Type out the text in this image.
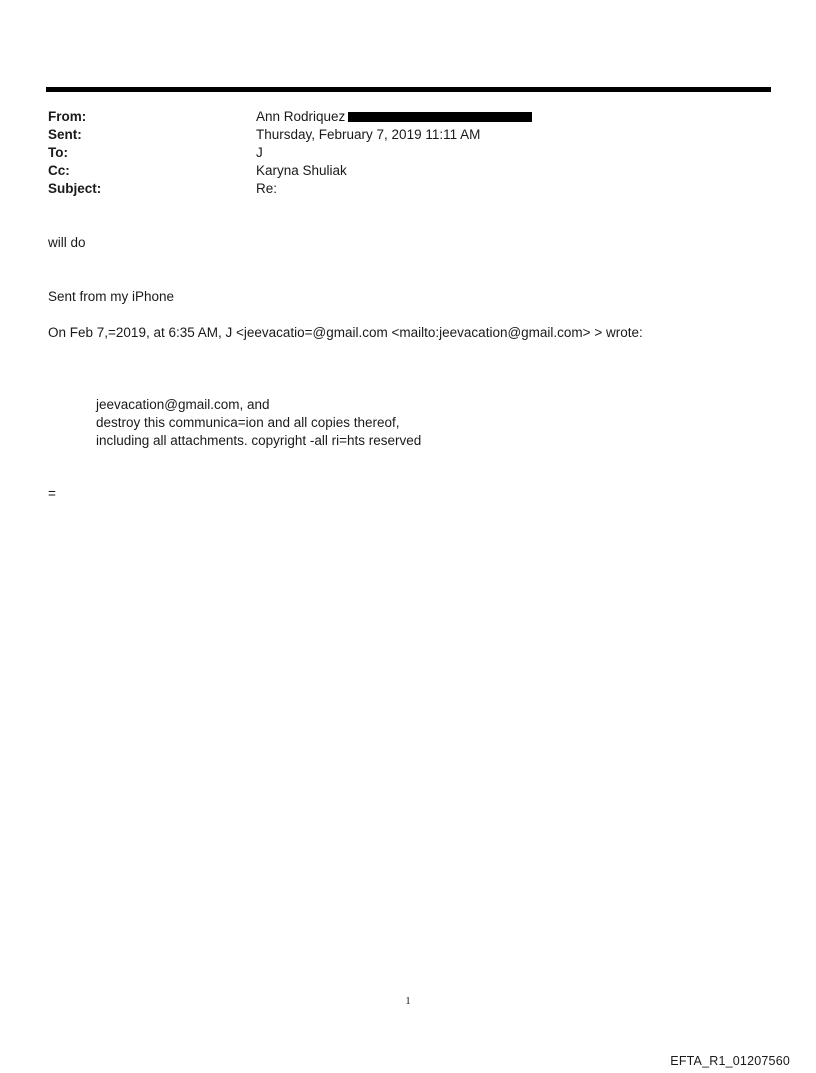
From:	Ann Rodriquez
Sent:	Thursday, February 7, 2019 11:11 AM
To:	J
Cc:	Karyna Shuliak
Subject:	Re:
will do
Sent from my iPhone
On Feb 7,=2019, at 6:35 AM, J <jeevacatio=@gmail.com <mailto:jeevacation@gmail.com> > wrote:
jeevacation@gmail.com, and
destroy this communica=ion and all copies thereof,
including all attachments. copyright -all ri=hts reserved
=
1
EFTA_R1_01207560
